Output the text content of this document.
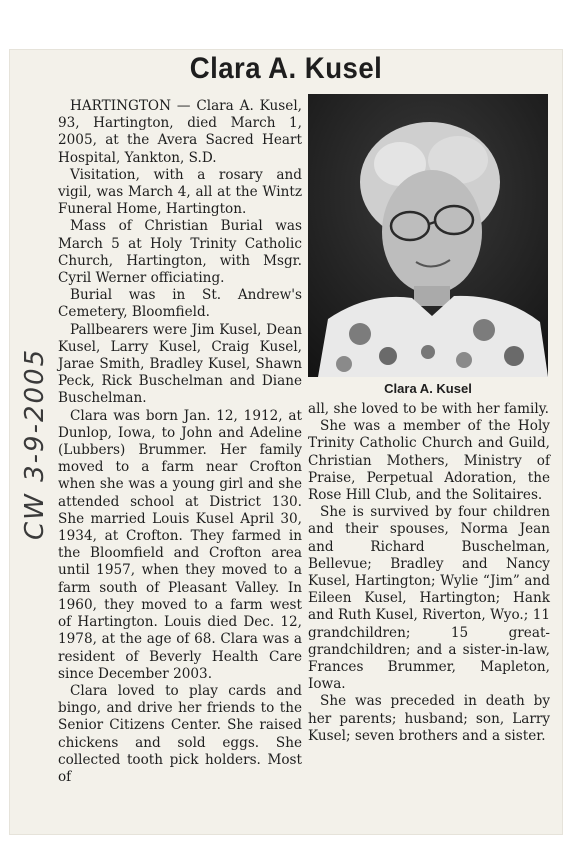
Clara A. Kusel

HARTINGTON — Clara A. Kusel, 93, Hartington, died March 1, 2005, at the Avera Sacred Heart Hospital, Yankton, S.D.

Visitation, with a rosary and vigil, was March 4, all at the Wintz Funeral Home, Hartington.

Mass of Christian Burial was March 5 at Holy Trinity Catholic Church, Hartington, with Msgr. Cyril Werner officiating.

Burial was in St. Andrew's Cemetery, Bloomfield.

Pallbearers were Jim Kusel, Dean Kusel, Larry Kusel, Craig Kusel, Jarae Smith, Bradley Kusel, Shawn Peck, Rick Buschelman and Diane Buschelman.

Clara was born Jan. 12, 1912, at Dunlop, Iowa, to John and Adeline (Lubbers) Brummer. Her family moved to a farm near Crofton when she was a young girl and she attended school at District 130. She married Louis Kusel April 30, 1934, at Crofton. They farmed in the Bloomfield and Crofton area until 1957, when they moved to a farm south of Pleasant Valley. In 1960, they moved to a farm west of Hartington. Louis died Dec. 12, 1978, at the age of 68. Clara was a resident of Beverly Health Care since December 2003.

Clara loved to play cards and bingo, and drive her friends to the Senior Citizens Center. She raised chickens and sold eggs. She collected tooth pick holders. Most of

Clara A. Kusel

all, she loved to be with her family.

She was a member of the Holy Trinity Catholic Church and Guild, Christian Mothers, Ministry of Praise, Perpetual Adoration, the Rose Hill Club, and the Solitaires.

She is survived by four children and their spouses, Norma Jean and Richard Buschelman, Bellevue; Bradley and Nancy Kusel, Hartington; Wylie “Jim” and Eileen Kusel, Hartington; Hank and Ruth Kusel, Riverton, Wyo.; 11 grandchildren; 15 great-grandchildren; and a sister-in-law, Frances Brummer, Mapleton, Iowa.

She was preceded in death by her parents; husband; son, Larry Kusel; seven brothers and a sister.
